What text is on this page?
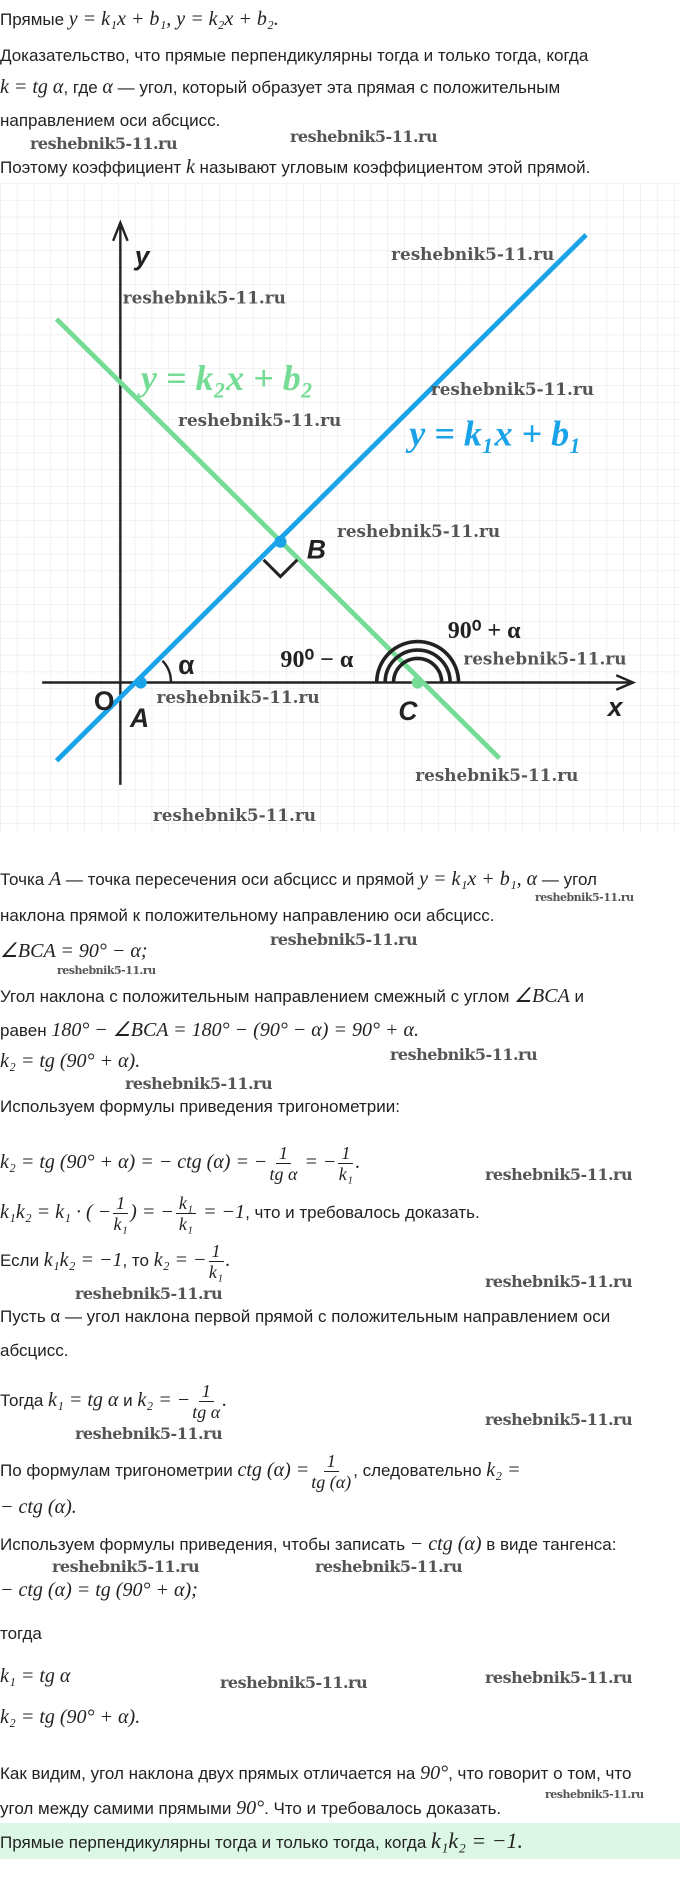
Прямые y = k₁x + b₁, y = k₂x + b₂.
Доказательство, что прямые перпендикулярны тогда и только тогда, когда
k = tg α, где α — угол, который образует эта прямая с положительным
направлением оси абсцисс.
reshebnik5-11.ru
reshebnik5-11.ru
Поэтому коэффициент k называют угловым коэффициентом этой прямой.
y
x
O
A
B
C
α	90⁰ − α
90⁰ + α
y = k₂x + b₂
y = k₁x + b₁
reshebnik5-11.ru
reshebnik5-11.ru
reshebnik5-11.ru
reshebnik5-11.ru
reshebnik5-11.ru
reshebnik5-11.ru
reshebnik5-11.ru
reshebnik5-11.ru
reshebnik5-11.ru
Точка A — точка пересечения оси абсцисс и прямой y = k₁x + b₁, α — угол
reshebnik5-11.ru
наклона прямой к положительному направлению оси абсцисс.
reshebnik5-11.ru
∠BCA = 90° − α;
reshebnik5-11.ru
Угол наклона с положительным направлением смежный с углом ∠BCA и
равен 180° − ∠BCA = 180° − (90° − α) = 90° + α.
reshebnik5-11.ru
k₂ = tg (90° + α).
reshebnik5-11.ru
Используем формулы приведения тригонометрии:
k₂ = tg (90° + α) = − ctg (α) = − $\frac{1}{\text{tg α}}$ = − $\frac{1}{\text{k₁}}$ .
reshebnik5-11.ru
k₁k₂ = k₁ · ( − $\frac{1}{\text{k₁}}$ ) = − $\frac{\text{k₁}}{\text{k₁}} = -1$, что и требовалось доказать.
Если k₁k₂ = −1, то k₂ = − $\frac{1}{\text{k₁}}$ .
reshebnik5-11.ru
reshebnik5-11.ru
Пусть α — угол наклона первой прямой с положительным направлением оси
абсцисс.
Тогда k₁ = tg α и k₂ = − $\frac{1}{\text{tg α}}$ .
reshebnik5-11.ru
reshebnik5-11.ru
По формулам тригонометрии ctg $(\alpha) = \frac{1}{tg (\alpha)}$ , следовательно k₂ =
− ctg (α).
Используем формулы приведения, чтобы записать − ctg (α) в виде тангенса:
reshebnik5-11.ru	reshebnik5-11.ru
− ctg (α) = tg (90° + α);
тогда
k₁ = tg α	reshebnik5-11.ru	reshebnik5-11.ru
k₂ = tg (90° + α).
Как видим, угол наклона двух прямых отличается на 90°, что говорит о том, что
угол между самими прямыми 90°. Что и требовалось доказать.
reshebnik5-11.ru
Прямые перпендикулярны тогда и только тогда, когда k₁k₂ = −1.
